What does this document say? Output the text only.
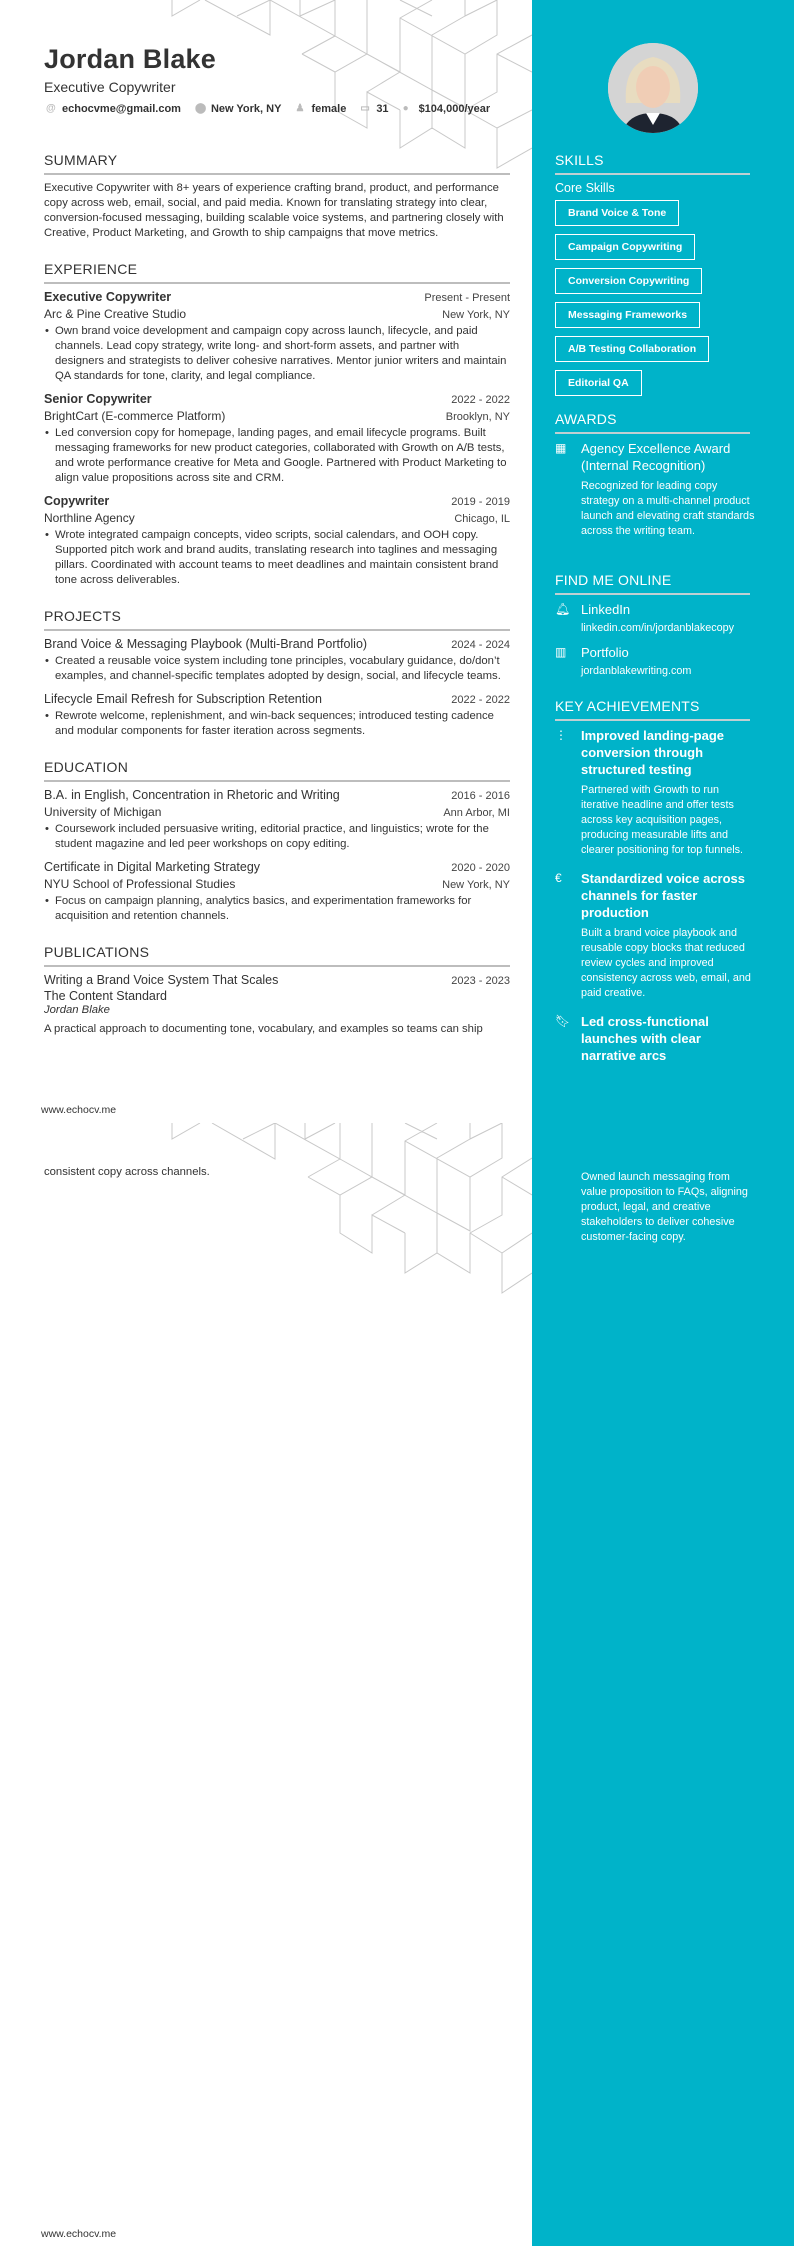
Jordan Blake
Executive Copywriter
@ echocvme@gmail.com ⬤ New York, NY ♟ female ▭ 31 ● $104,000/year
SUMMARY
Executive Copywriter with 8+ years of experience crafting brand, product, and performance copy across web, email, social, and paid media. Known for translating strategy into clear, conversion-focused messaging, building scalable voice systems, and partnering closely with Creative, Product Marketing, and Growth to ship campaigns that move metrics.
EXPERIENCE
Executive Copywriter	Present - Present
Arc & Pine Creative Studio	New York, NY
• Own brand voice development and campaign copy across launch, lifecycle, and paid channels. Lead copy strategy, write long- and short-form assets, and partner with designers and strategists to deliver cohesive narratives. Mentor junior writers and maintain QA standards for tone, clarity, and legal compliance.
Senior Copywriter	2022 - 2022
BrightCart (E-commerce Platform)	Brooklyn, NY
• Led conversion copy for homepage, landing pages, and email lifecycle programs. Built messaging frameworks for new product categories, collaborated with Growth on A/B tests, and wrote performance creative for Meta and Google. Partnered with Product Marketing to align value propositions across site and CRM.
Copywriter	2019 - 2019
Northline Agency	Chicago, IL
• Wrote integrated campaign concepts, video scripts, social calendars, and OOH copy. Supported pitch work and brand audits, translating research into taglines and messaging pillars. Coordinated with account teams to meet deadlines and maintain consistent brand tone across deliverables.
PROJECTS
Brand Voice & Messaging Playbook (Multi-Brand Portfolio)	2024 - 2024
• Created a reusable voice system including tone principles, vocabulary guidance, do/don’t examples, and channel-specific templates adopted by design, social, and lifecycle teams.
Lifecycle Email Refresh for Subscription Retention	2022 - 2022
• Rewrote welcome, replenishment, and win-back sequences; introduced testing cadence and modular components for faster iteration across segments.
EDUCATION
B.A. in English, Concentration in Rhetoric and Writing	2016 - 2016
University of Michigan	Ann Arbor, MI
• Coursework included persuasive writing, editorial practice, and linguistics; wrote for the student magazine and led peer workshops on copy editing.
Certificate in Digital Marketing Strategy	2020 - 2020
NYU School of Professional Studies	New York, NY
• Focus on campaign planning, analytics basics, and experimentation frameworks for acquisition and retention channels.
PUBLICATIONS
Writing a Brand Voice System That Scales	2023 - 2023
The Content Standard
Jordan Blake
A practical approach to documenting tone, vocabulary, and examples so teams can ship
www.echocv.me
consistent copy across channels.
www.echocv.me
SKILLS
Core Skills
Brand Voice & Tone
Campaign Copywriting
Conversion Copywriting
Messaging Frameworks
A/B Testing Collaboration
Editorial QA
AWARDS
▦	Agency Excellence Award (Internal Recognition)
Recognized for leading copy strategy on a multi-channel product launch and elevating craft standards across the writing team.
FIND ME ONLINE
🔔︎ LinkedIn
linkedin.com/in/jordanblakecopy
▥	Portfolio
jordanblakewriting.com
KEY ACHIEVEMENTS
⋮	Improved landing-page conversion through structured testing
Partnered with Growth to run iterative headline and offer tests across key acquisition pages, producing measurable lifts and clearer positioning for top funnels.
€	Standardized voice across channels for faster production
Built a brand voice playbook and reusable copy blocks that reduced review cycles and improved consistency across web, email, and paid creative.
🔖︎ Led cross-functional launches with clear narrative arcs
Owned launch messaging from value proposition to FAQs, aligning product, legal, and creative stakeholders to deliver cohesive customer-facing copy.
